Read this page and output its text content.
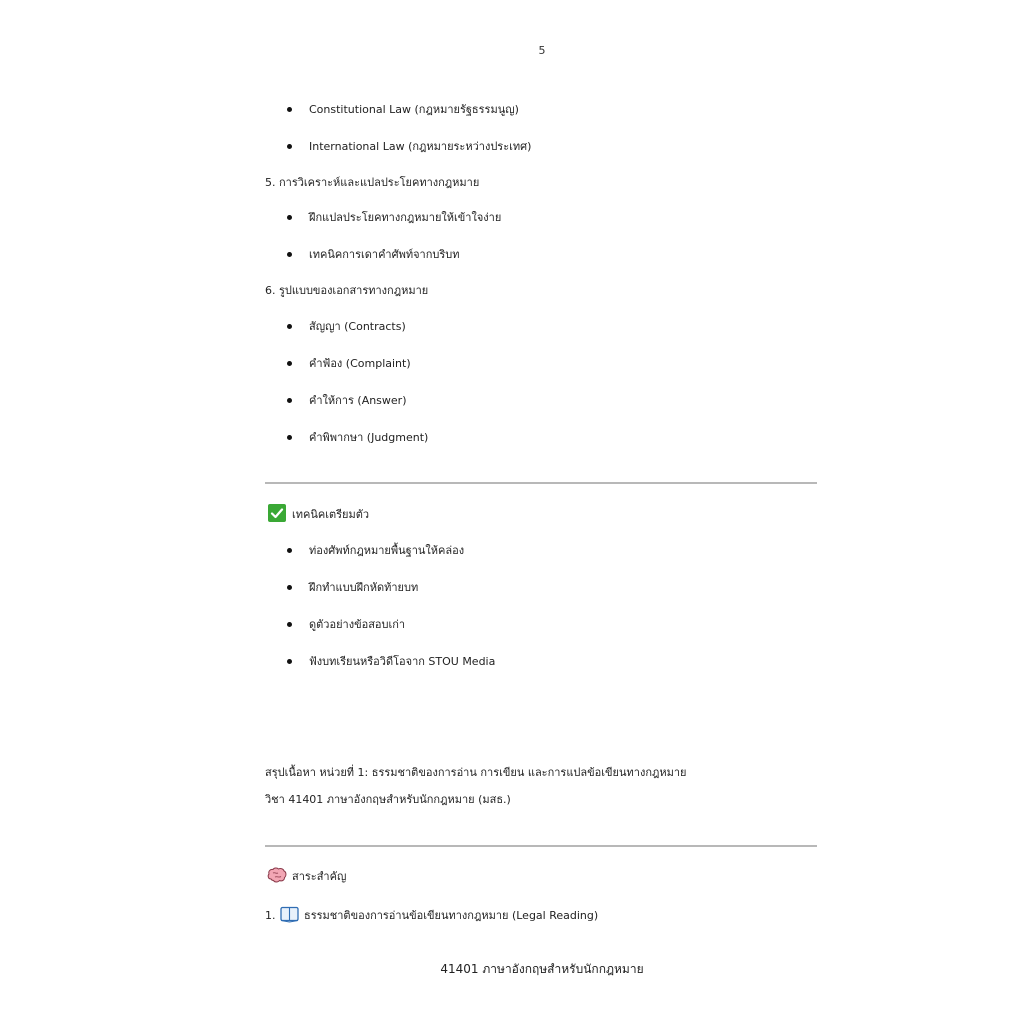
5
Constitutional Law (กฎหมายรัฐธรรมนูญ)
International Law (กฎหมายระหว่างประเทศ)
5. การวิเคราะห์และแปลประโยคทางกฎหมาย
ฝึกแปลประโยคทางกฎหมายให้เข้าใจง่าย
เทคนิคการเดาคำศัพท์จากบริบท
6. รูปแบบของเอกสารทางกฎหมาย
สัญญา (Contracts)
คำฟ้อง (Complaint)
คำให้การ (Answer)
คำพิพากษา (Judgment)
เทคนิคเตรียมตัว
ท่องศัพท์กฎหมายพื้นฐานให้คล่อง
ฝึกทำแบบฝึกหัดท้ายบท
ดูตัวอย่างข้อสอบเก่า
ฟังบทเรียนหรือวิดีโอจาก STOU Media
สรุปเนื้อหา หน่วยที่ 1: ธรรมชาติของการอ่าน การเขียน และการแปลข้อเขียนทางกฎหมาย
วิชา 41401 ภาษาอังกฤษสำหรับนักกฎหมาย (มสธ.)
สาระสำคัญ
1.	ธรรมชาติของการอ่านข้อเขียนทางกฎหมาย (Legal Reading)
41401 ภาษาอังกฤษสำหรับนักกฎหมาย
